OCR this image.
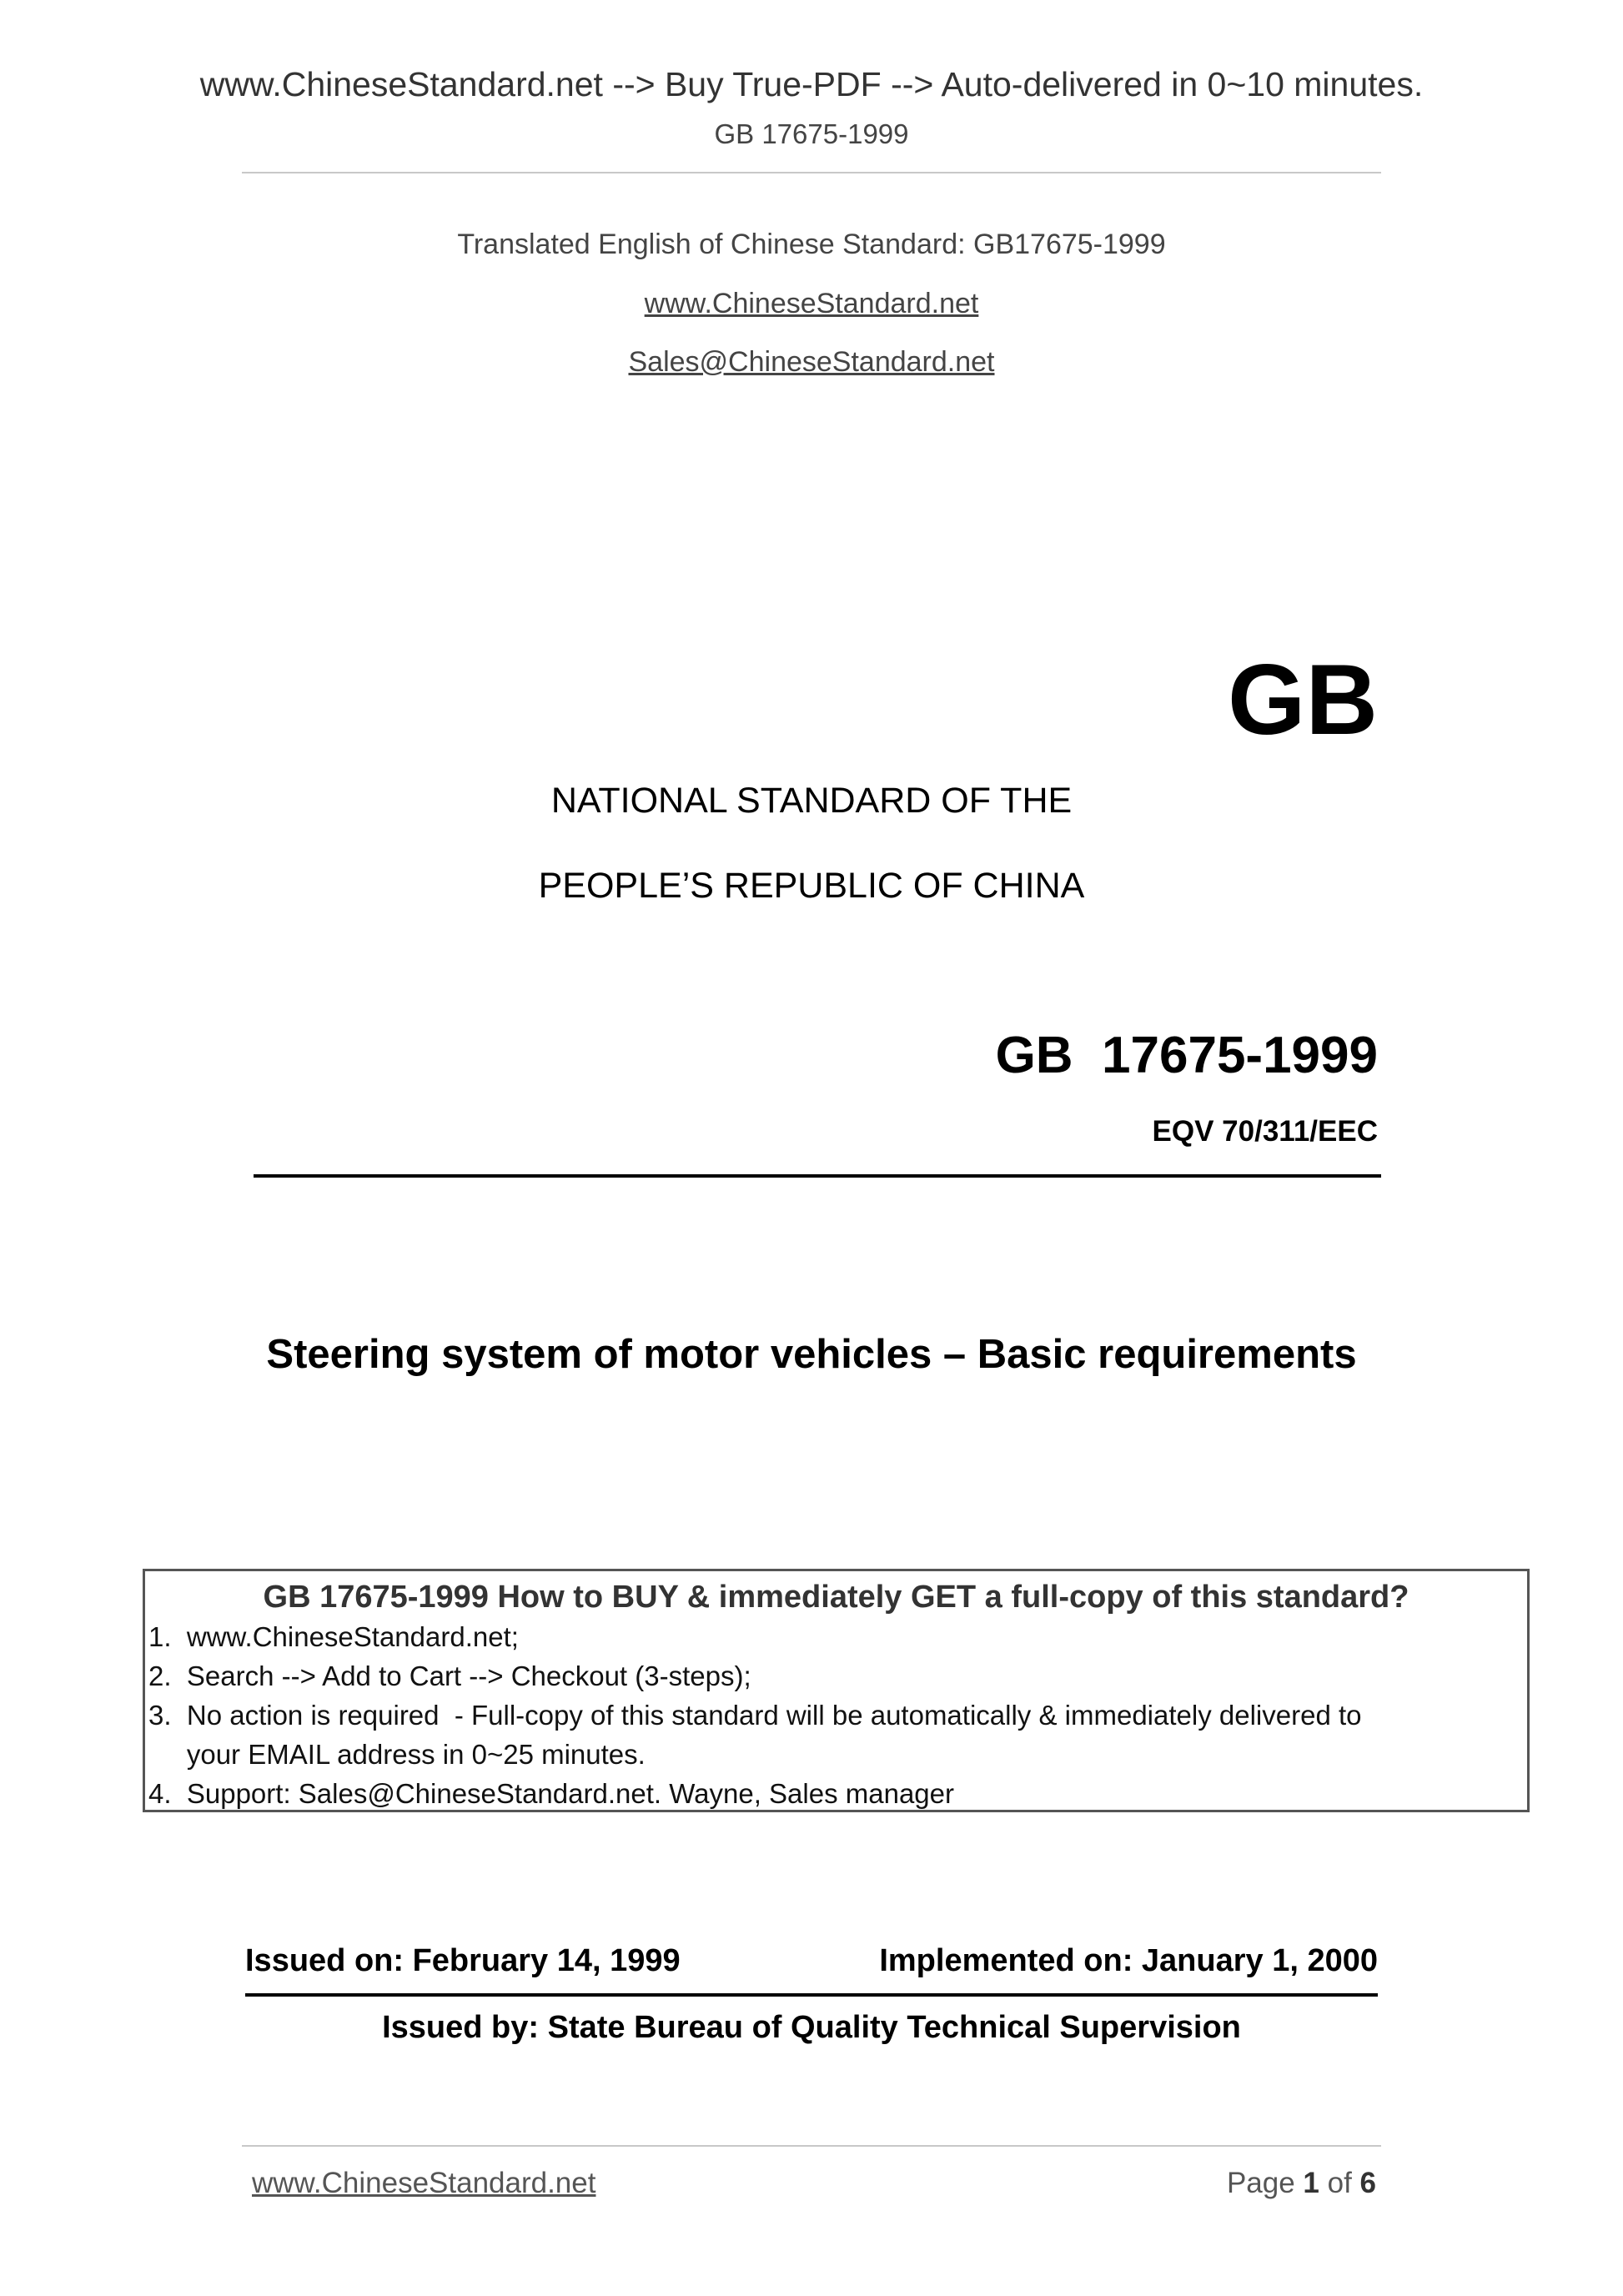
www.ChineseStandard.net --> Buy True-PDF --> Auto-delivered in 0~10 minutes.
GB 17675-1999
Translated English of Chinese Standard: GB17675-1999
www.ChineseStandard.net
Sales@ChineseStandard.net
GB
NATIONAL STANDARD OF THE
PEOPLE’S REPUBLIC OF CHINA
GB  17675-1999
EQV 70/311/EEC
Steering system of motor vehicles – Basic requirements
GB 17675-1999 How to BUY & immediately GET a full-copy of this standard?
1.  www.ChineseStandard.net;
2.  Search --> Add to Cart --> Checkout (3-steps);
3.  No action is required  - Full-copy of this standard will be automatically & immediately delivered to
your EMAIL address in 0~25 minutes.
4.  Support: Sales@ChineseStandard.net. Wayne, Sales manager
Issued on: February 14, 1999	Implemented on: January 1, 2000
Issued by: State Bureau of Quality Technical Supervision
www.ChineseStandard.net	Page 1 of 6
